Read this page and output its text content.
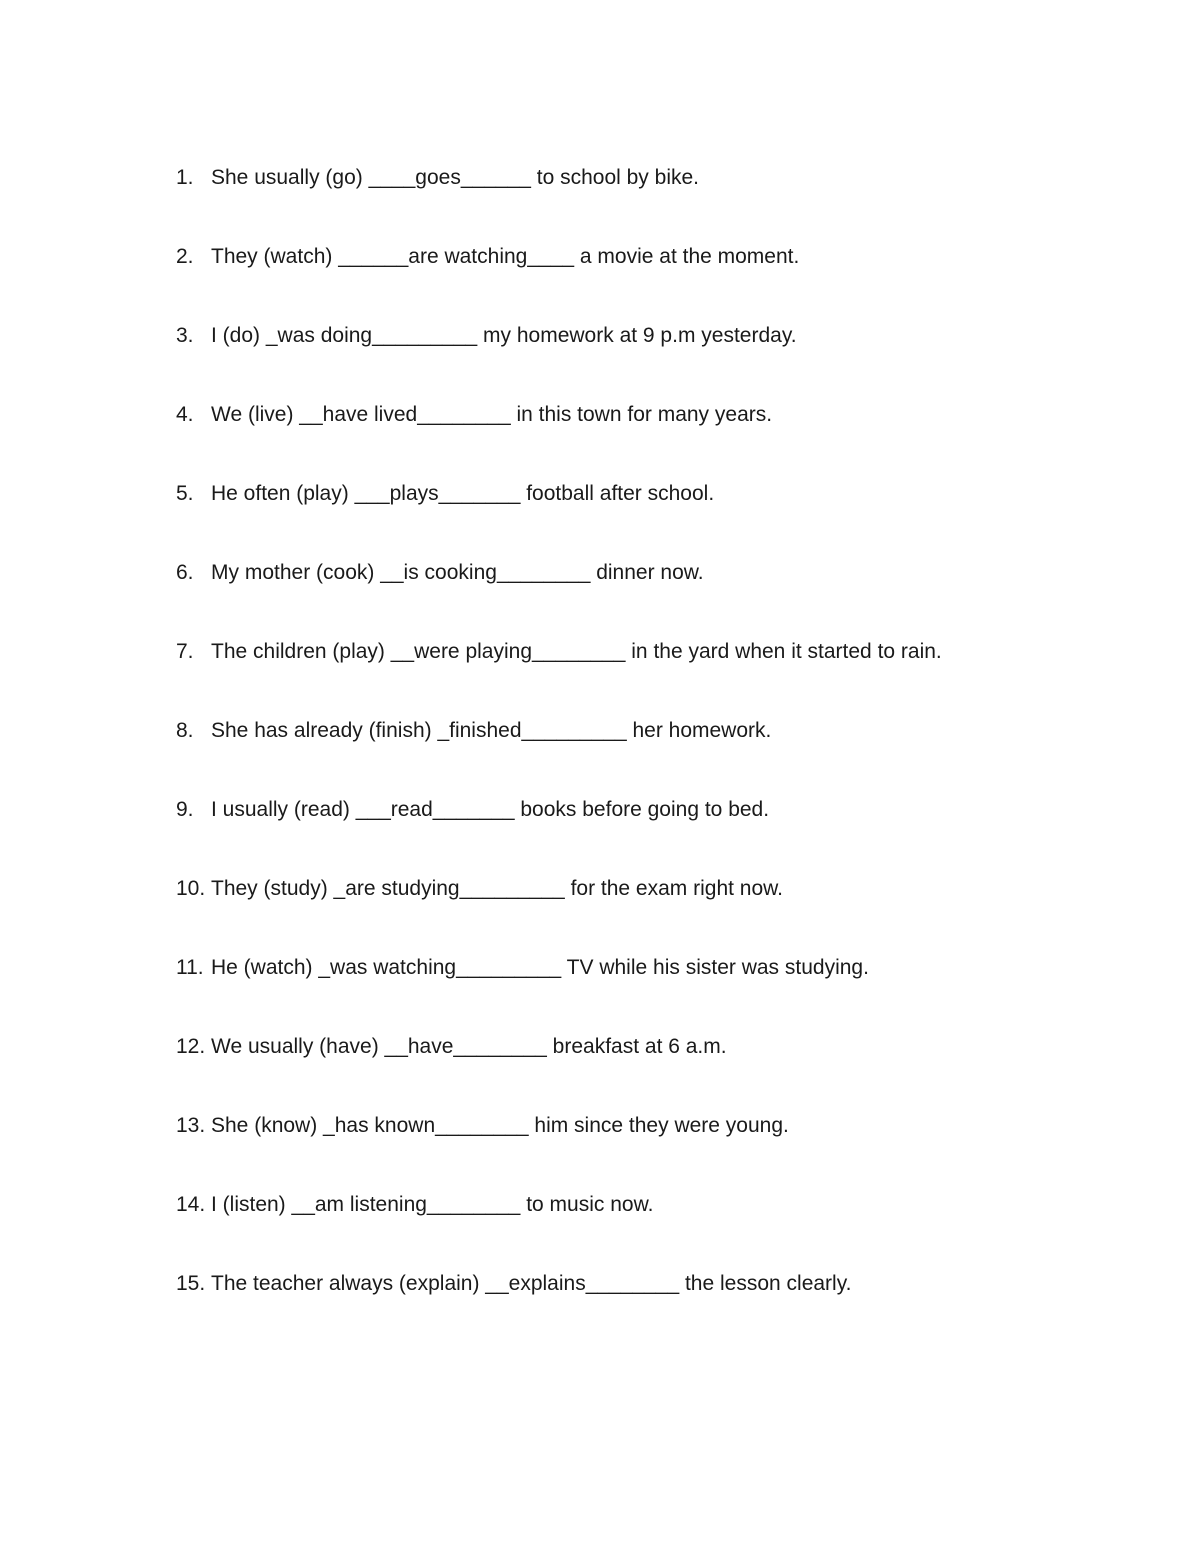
1. She usually (go) ____goes______ to school by bike.
2. They (watch) ______are watching____ a movie at the moment.
3. I (do) _was doing_________ my homework at 9 p.m yesterday.
4. We (live) __have lived________ in this town for many years.
5. He often (play) ___plays_______ football after school.
6. My mother (cook) __is cooking________ dinner now.
7. The children (play) __were playing________ in the yard when it started to rain.
8. She has already (finish) _finished_________ her homework.
9. I usually (read) ___read_______ books before going to bed.
10. They (study) _are studying_________ for the exam right now.
11. He (watch) _was watching_________ TV while his sister was studying.
12. We usually (have) __have________ breakfast at 6 a.m.
13. She (know) _has known________ him since they were young.
14. I (listen) __am listening________ to music now.
15. The teacher always (explain) __explains________ the lesson clearly.
